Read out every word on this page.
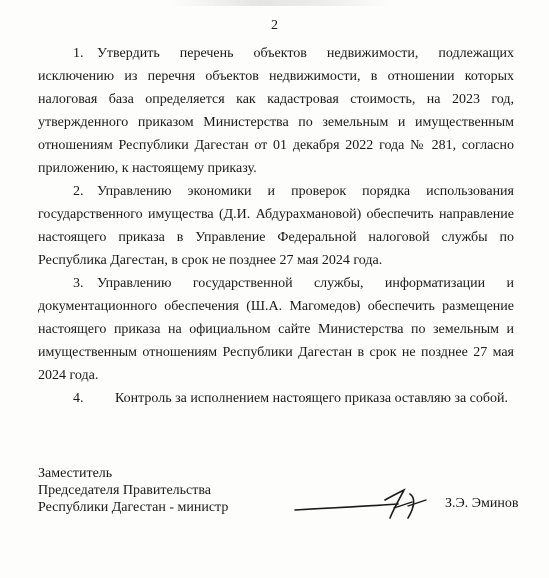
2

1. Утвердить перечень объектов недвижимости, подлежащих исключению из перечня объектов недвижимости, в отношении которых налоговая база определяется как кадастровая стоимость, на 2023 год, утвержденного приказом Министерства по земельным и имущественным отношениям Республики Дагестан от 01 декабря 2022 года № 281, согласно приложению, к настоящему приказу.

2. Управлению экономики и проверок порядка использования государственного имущества (Д.И. Абдурахмановой) обеспечить направление настоящего приказа в Управление Федеральной налоговой службы по Республика Дагестан, в срок не позднее 27 мая 2024 года.

3. Управлению государственной службы, информатизации и документационного обеспечения (Ш.А. Магомедов) обеспечить размещение настоящего приказа на официальном сайте Министерства по земельным и имущественным отношениям Республики Дагестан в срок не позднее 27 мая 2024 года.

4. Контроль за исполнением настоящего приказа оставляю за собой.

Заместитель
Председателя Правительства
Республики Дагестан - министр	З.Э. Эминов
